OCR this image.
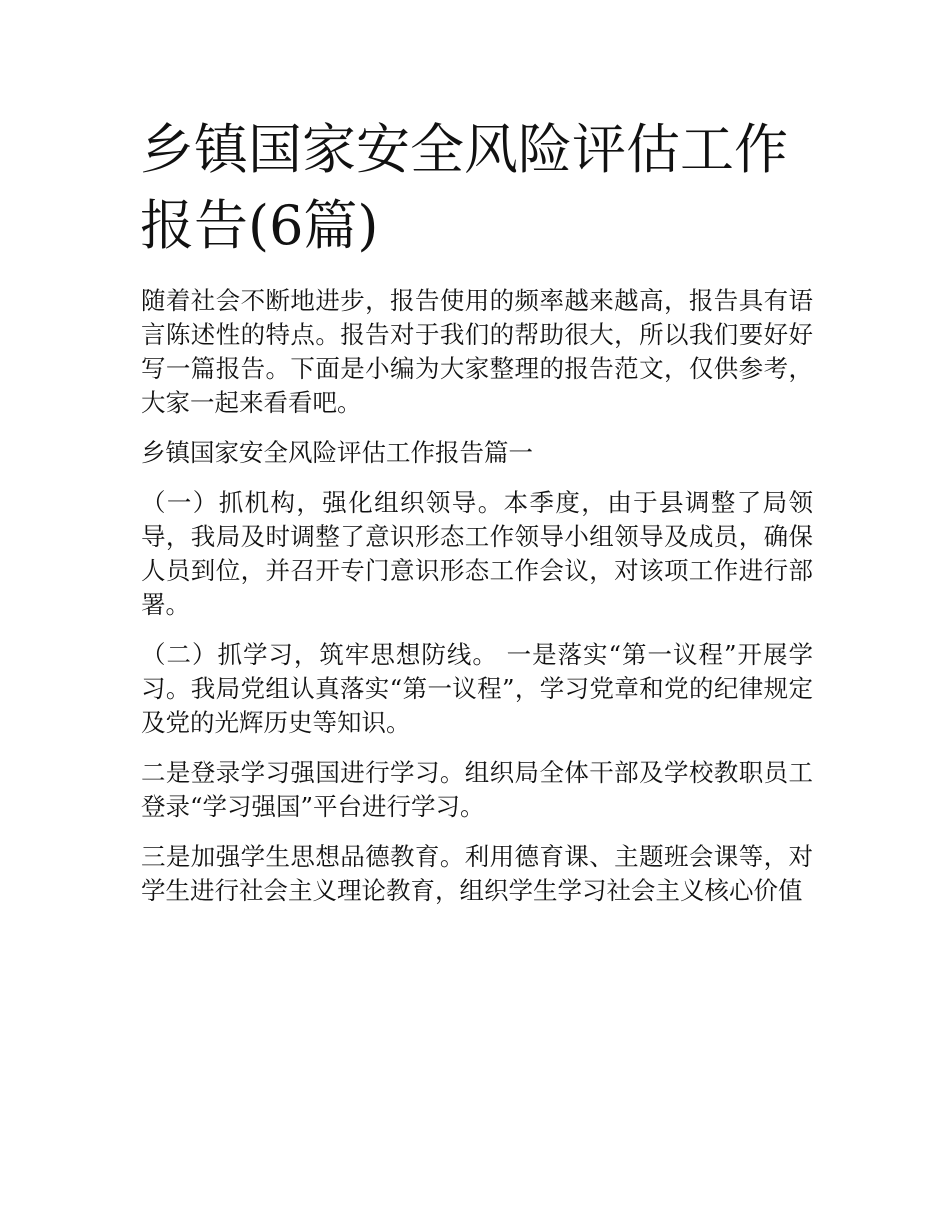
乡镇国家安全风险评估工作报告(6篇)

随着社会不断地进步，报告使用的频率越来越高，报告具有语言陈述性的特点。报告对于我们的帮助很大，所以我们要好好写一篇报告。下面是小编为大家整理的报告范文，仅供参考，大家一起来看看吧。

乡镇国家安全风险评估工作报告篇一

（一）抓机构，强化组织领导。本季度，由于县调整了局领导，我局及时调整了意识形态工作领导小组领导及成员，确保人员到位，并召开专门意识形态工作会议，对该项工作进行部署。

（二）抓学习，筑牢思想防线。 一是落实“第一议程”开展学习。我局党组认真落实“第一议程”，学习党章和党的纪律规定及党的光辉历史等知识。

二是登录学习强国进行学习。组织局全体干部及学校教职员工登录“学习强国”平台进行学习。

三是加强学生思想品德教育。利用德育课、主题班会课等，对学生进行社会主义理论教育，组织学生学习社会主义核心价值
